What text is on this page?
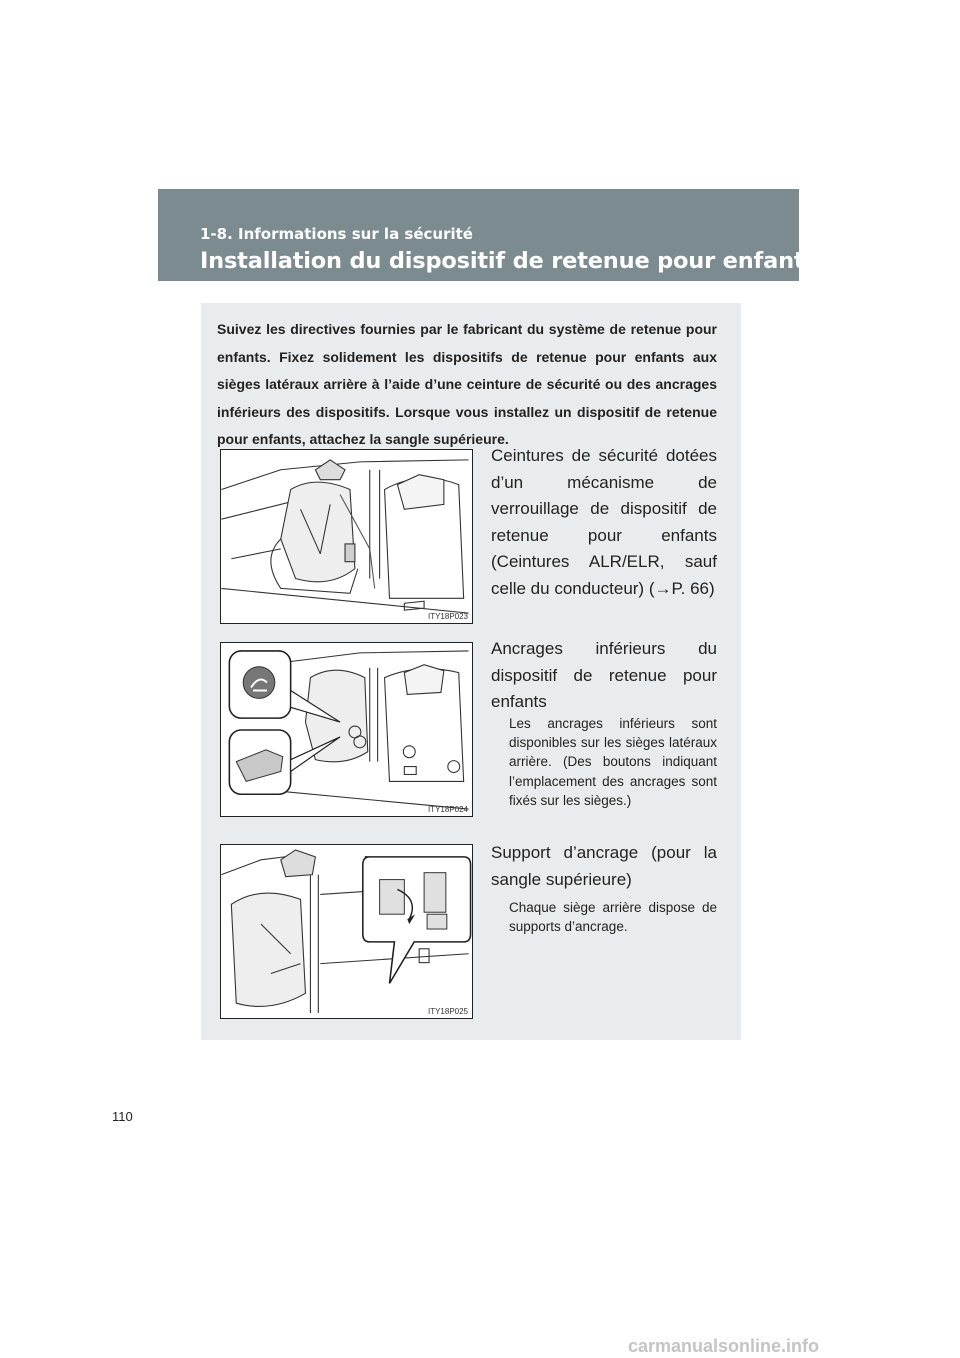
1-8. Informations sur la sécurité
Installation du dispositif de retenue pour enfants
Suivez les directives fournies par le fabricant du système de retenue pour enfants. Fixez solidement les dispositifs de retenue pour enfants aux sièges latéraux arrière à l’aide d’une ceinture de sécurité ou des ancrages inférieurs des dispositifs. Lorsque vous installez un dispositif de retenue pour enfants, attachez la sangle supérieure.
ITY18P023
Ceintures de sécurité dotées d’un mécanisme de verrouillage de dispositif de retenue pour enfants (Ceintures ALR/ELR, sauf celle du conducteur) (→P. 66)
ITY18P024
Ancrages inférieurs du dispositif de retenue pour enfants
Les ancrages inférieurs sont disponibles sur les sièges latéraux arrière. (Des boutons indiquant l’emplacement des ancrages sont fixés sur les sièges.)
ITY18P025
Support d’ancrage (pour la sangle supérieure)
Chaque siège arrière dispose de supports d’ancrage.
110
carmanualsonline.info
